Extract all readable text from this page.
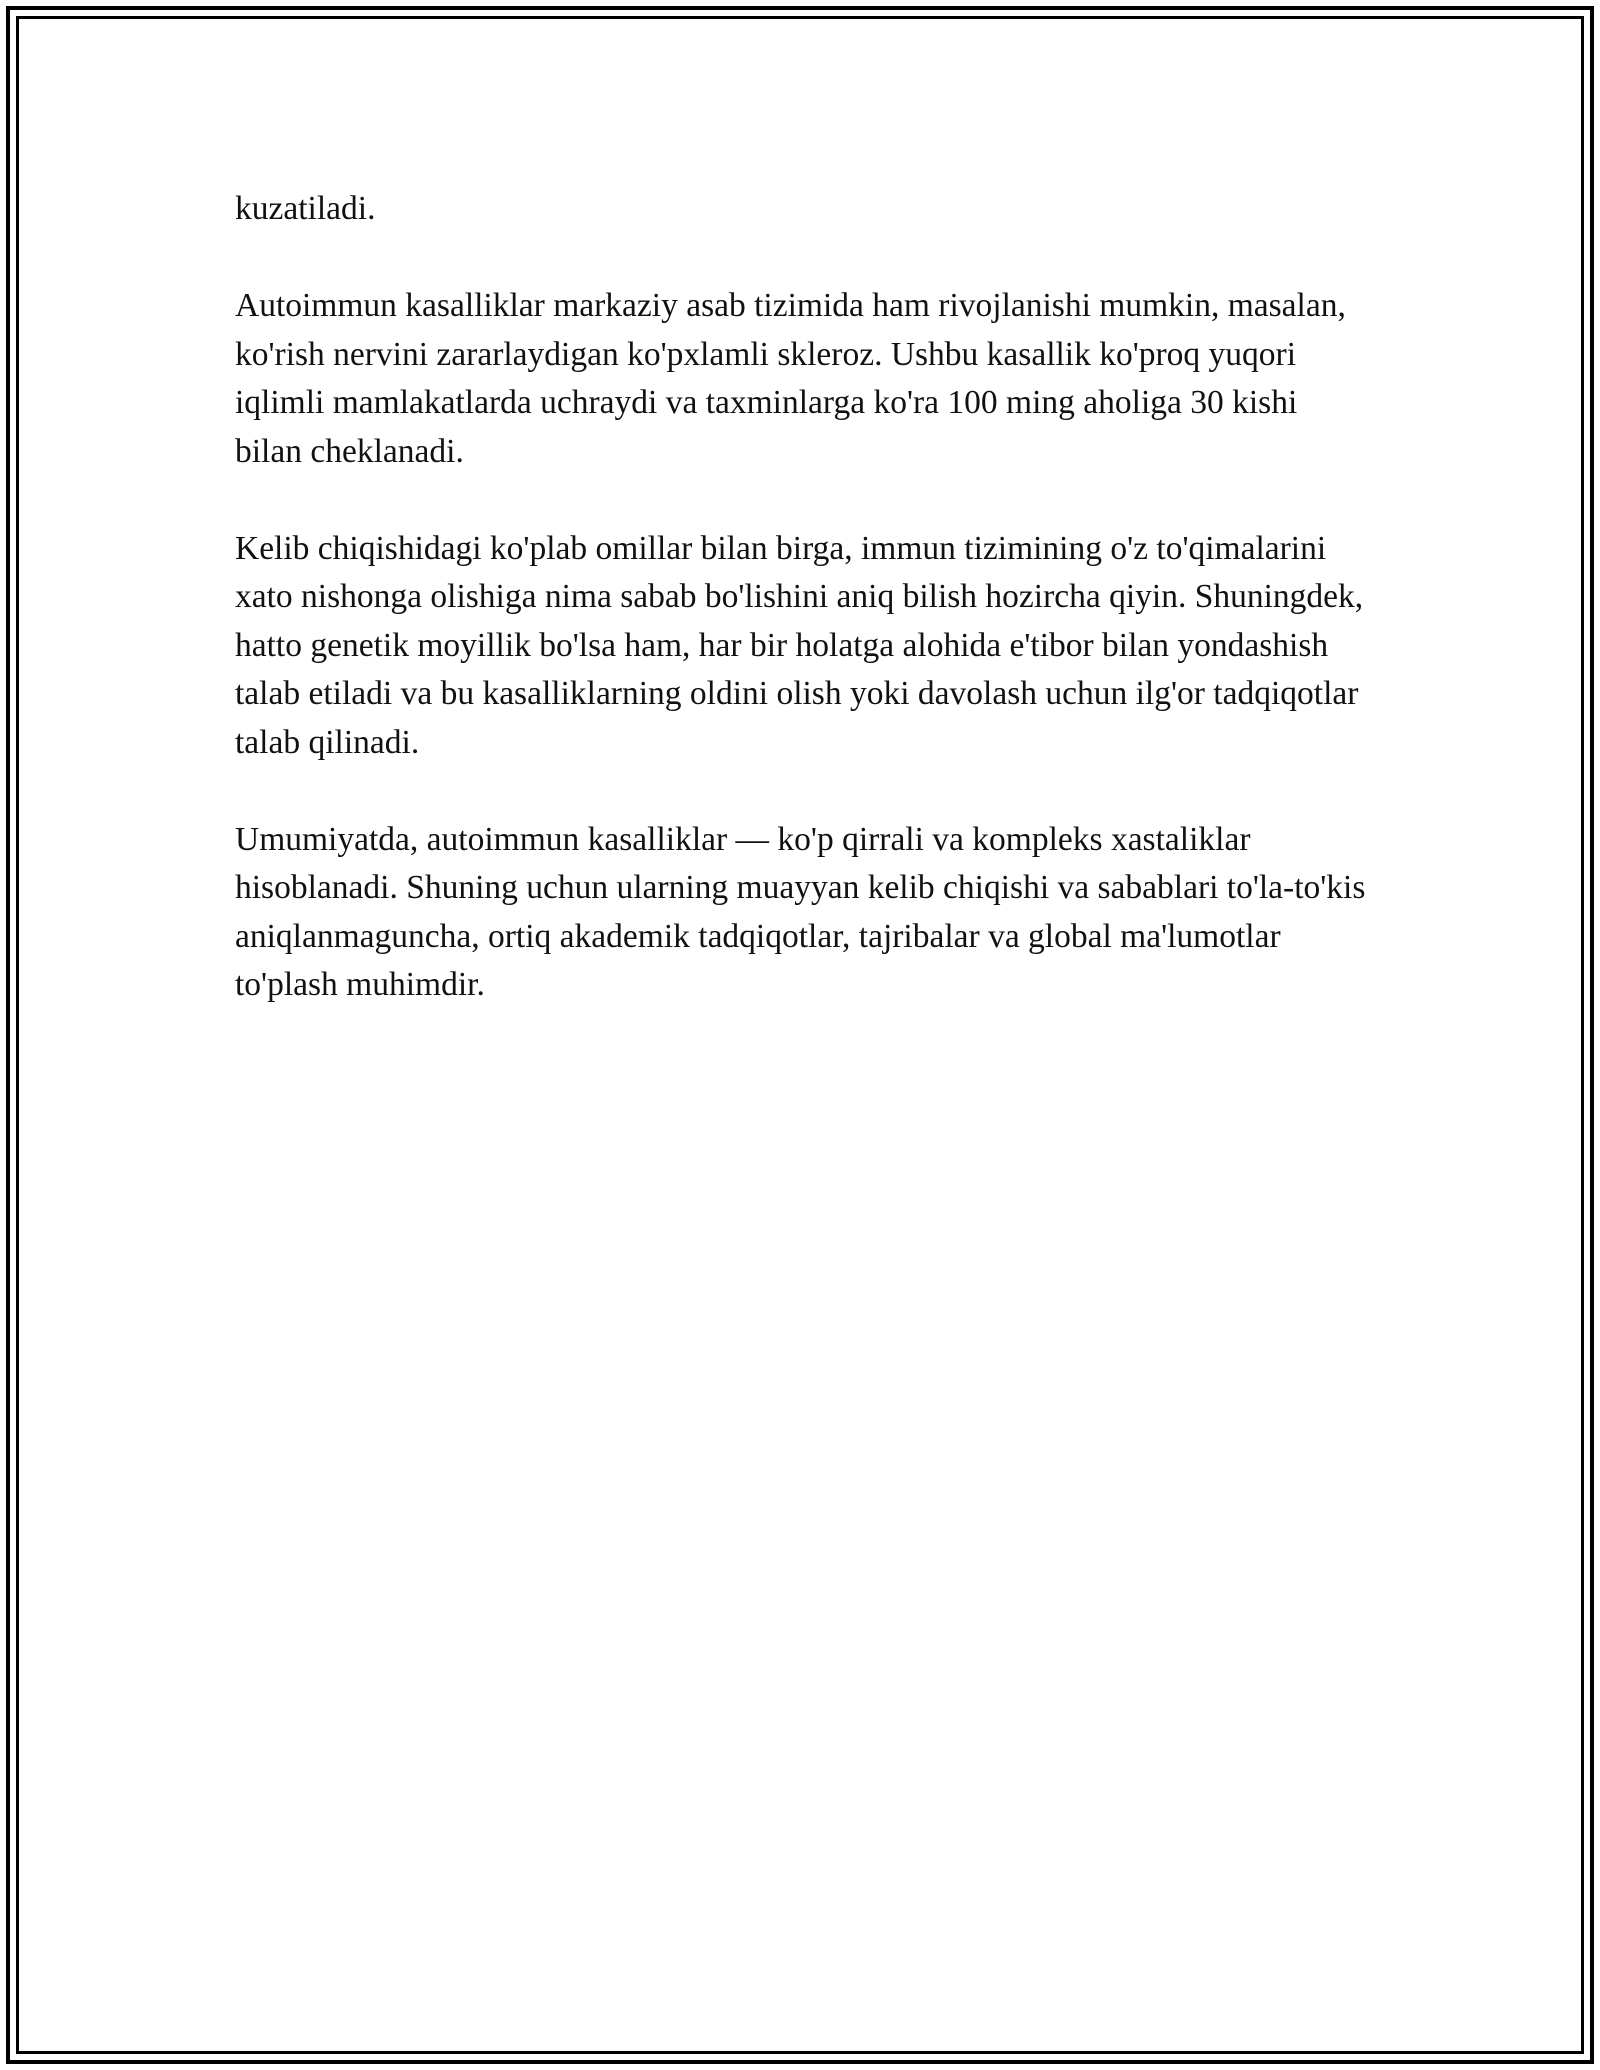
kuzatiladi.

Autoimmun kasalliklar markaziy asab tizimida ham rivojlanishi mumkin, masalan, ko'rish nervini zararlaydigan ko'pxlamli skleroz. Ushbu kasallik ko'proq yuqori iqlimli mamlakatlarda uchraydi va taxminlarga ko'ra 100 ming aholiga 30 kishi bilan cheklanadi.

Kelib chiqishidagi ko'plab omillar bilan birga, immun tizimining o'z to'qimalarini xato nishonga olishiga nima sabab bo'lishini aniq bilish hozircha qiyin. Shuningdek, hatto genetik moyillik bo'lsa ham, har bir holatga alohida e'tibor bilan yondashish talab etiladi va bu kasalliklarning oldini olish yoki davolash uchun ilg'or tadqiqotlar talab qilinadi.

Umumiyatda, autoimmun kasalliklar — ko'p qirrali va kompleks xastaliklar hisoblanadi. Shuning uchun ularning muayyan kelib chiqishi va sabablari to'la-to'kis aniqlanmaguncha, ortiq akademik tadqiqotlar, tajribalar va global ma'lumotlar to'plash muhimdir.
